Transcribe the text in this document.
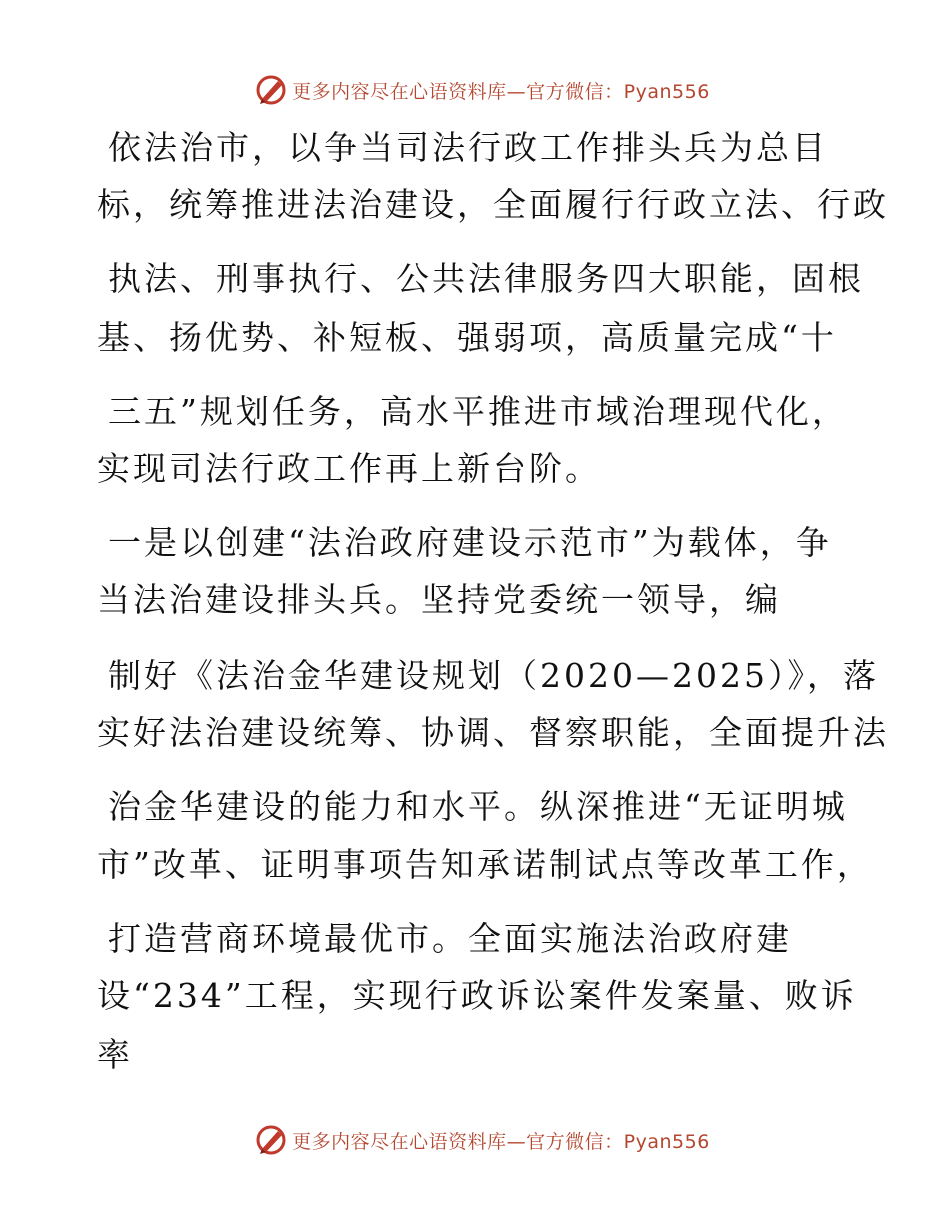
更多内容尽在心语资料库—官方微信：Pyan556
依法治市，以争当司法行政工作排头兵为总目
标，统筹推进法治建设，全面履行行政立法、行政
执法、刑事执行、公共法律服务四大职能，固根
基、扬优势、补短板、强弱项，高质量完成“十
三五”规划任务，高水平推进市域治理现代化，
实现司法行政工作再上新台阶。
一是以创建“法治政府建设示范市”为载体，争
当法治建设排头兵。坚持党委统一领导，编
制好《法治金华建设规划（2020—2025）》，落
实好法治建设统筹、协调、督察职能，全面提升法
治金华建设的能力和水平。纵深推进“无证明城
市”改革、证明事项告知承诺制试点等改革工作，
打造营商环境最优市。全面实施法治政府建
设“234”工程，实现行政诉讼案件发案量、败诉
率
更多内容尽在心语资料库—官方微信：Pyan556
